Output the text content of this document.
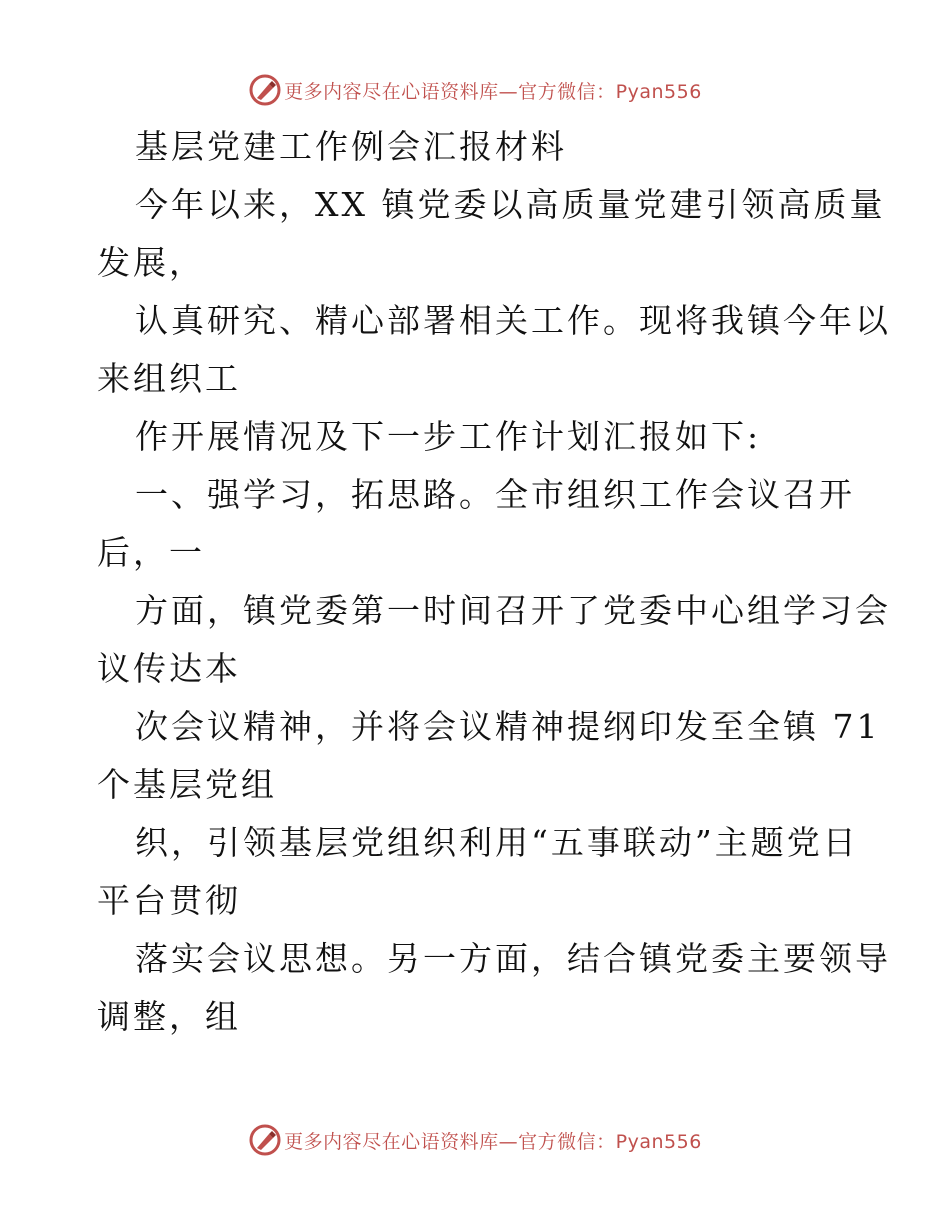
更多内容尽在心语资料库—官方微信：Pyan556
基层党建工作例会汇报材料
今年以来，XX 镇党委以高质量党建引领高质量
发展，
认真研究、精心部署相关工作。现将我镇今年以
来组织工
作开展情况及下一步工作计划汇报如下:
一、强学习，拓思路。全市组织工作会议召开
后，一
方面，镇党委第一时间召开了党委中心组学习会
议传达本
次会议精神，并将会议精神提纲印发至全镇 71
个基层党组
织，引领基层党组织利用“五事联动”主题党日
平台贯彻
落实会议思想。另一方面，结合镇党委主要领导
调整，组
更多内容尽在心语资料库—官方微信：Pyan556
